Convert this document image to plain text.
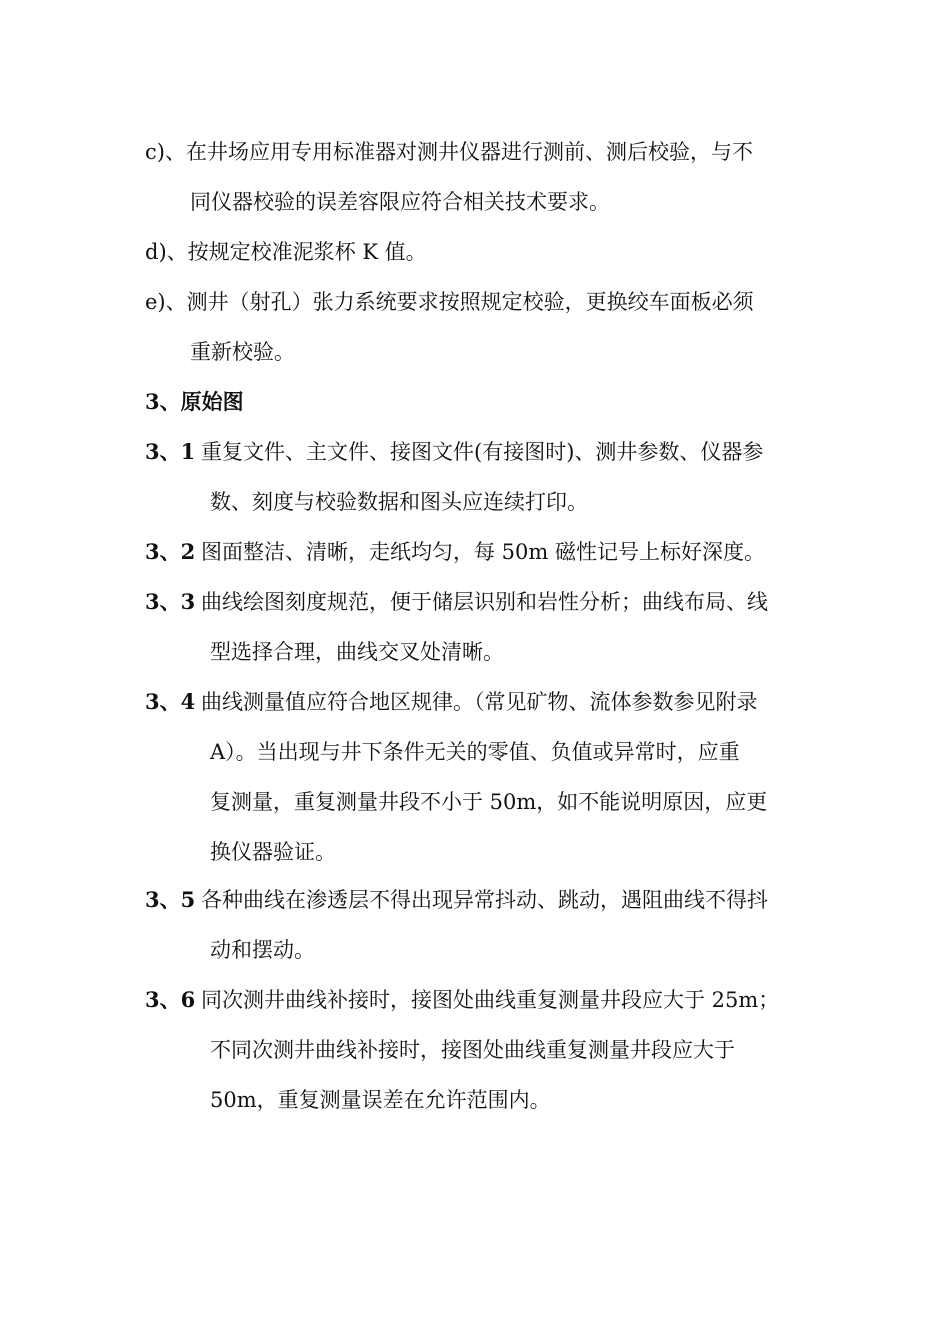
c)、在井场应用专用标准器对测井仪器进行测前、测后校验，与不
同仪器校验的误差容限应符合相关技术要求。
d)、按规定校准泥浆杯 K 值。
e)、测井（射孔）张力系统要求按照规定校验，更换绞车面板必须
重新校验。
3、原始图
3、1 重复文件、主文件、接图文件(有接图时)、测井参数、仪器参
数、刻度与校验数据和图头应连续打印。
3、2 图面整洁、清晰，走纸均匀，每 50m 磁性记号上标好深度。
3、3 曲线绘图刻度规范，便于储层识别和岩性分析；曲线布局、线
型选择合理，曲线交叉处清晰。
3、4 曲线测量值应符合地区规律。（常见矿物、流体参数参见附录
A）。当出现与井下条件无关的零值、负值或异常时，应重
复测量，重复测量井段不小于 50m，如不能说明原因，应更
换仪器验证。
3、5 各种曲线在渗透层不得出现异常抖动、跳动，遇阻曲线不得抖
动和摆动。
3、6 同次测井曲线补接时，接图处曲线重复测量井段应大于 25m；
不同次测井曲线补接时，接图处曲线重复测量井段应大于
50m，重复测量误差在允许范围内。
